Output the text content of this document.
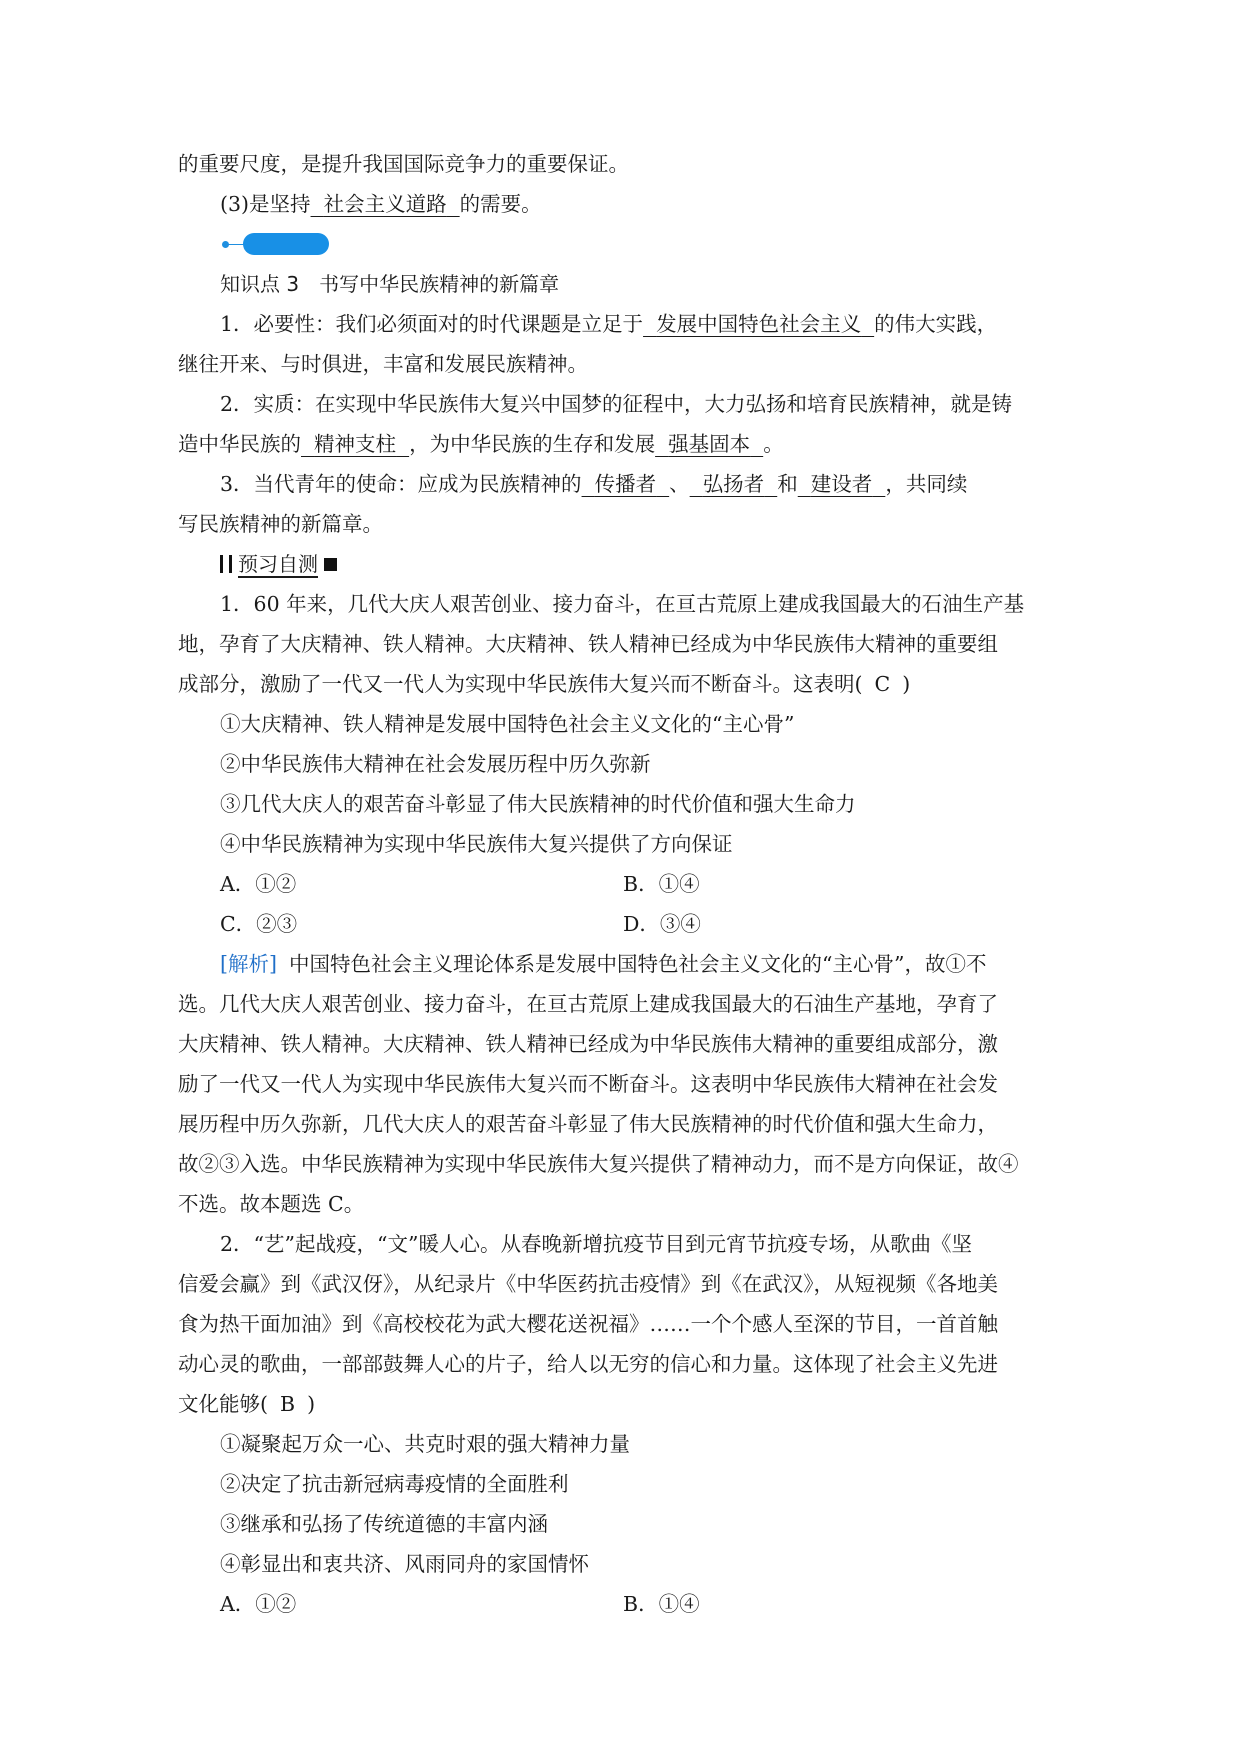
的重要尺度，是提升我国国际竞争力的重要保证。
(3)是坚持 社会主义道路 的需要。
知识点 3 书写中华民族精神的新篇章
1．必要性：我们必须面对的时代课题是立足于 发展中国特色社会主义 的伟大实践，
继往开来、与时俱进，丰富和发展民族精神。
2．实质：在实现中华民族伟大复兴中国梦的征程中，大力弘扬和培育民族精神，就是铸
造中华民族的 精神支柱 ，为中华民族的生存和发展 强基固本 。
3．当代青年的使命：应成为民族精神的 传播者 、 弘扬者 和 建设者 ，共同续
写民族精神的新篇章。
预习自测
1．60 年来，几代大庆人艰苦创业、接力奋斗，在亘古荒原上建成我国最大的石油生产基
地，孕育了大庆精神、铁人精神。大庆精神、铁人精神已经成为中华民族伟大精神的重要组
成部分，激励了一代又一代人为实现中华民族伟大复兴而不断奋斗。这表明( C )
①大庆精神、铁人精神是发展中国特色社会主义文化的“主心骨”
②中华民族伟大精神在社会发展历程中历久弥新
③几代大庆人的艰苦奋斗彰显了伟大民族精神的时代价值和强大生命力
④中华民族精神为实现中华民族伟大复兴提供了方向保证
A．①②	B．①④
C．②③	D．③④
[解析] 中国特色社会主义理论体系是发展中国特色社会主义文化的“主心骨”，故①不
选。几代大庆人艰苦创业、接力奋斗，在亘古荒原上建成我国最大的石油生产基地，孕育了
大庆精神、铁人精神。大庆精神、铁人精神已经成为中华民族伟大精神的重要组成部分，激
励了一代又一代人为实现中华民族伟大复兴而不断奋斗。这表明中华民族伟大精神在社会发
展历程中历久弥新，几代大庆人的艰苦奋斗彰显了伟大民族精神的时代价值和强大生命力，
故②③入选。中华民族精神为实现中华民族伟大复兴提供了精神动力，而不是方向保证，故④
不选。故本题选 C。
2．“艺”起战疫，“文”暖人心。从春晚新增抗疫节目到元宵节抗疫专场，从歌曲《坚
信爱会赢》到《武汉伢》，从纪录片《中华医药抗击疫情》到《在武汉》，从短视频《各地美
食为热干面加油》到《高校校花为武大樱花送祝福》……一个个感人至深的节目，一首首触
动心灵的歌曲，一部部鼓舞人心的片子，给人以无穷的信心和力量。这体现了社会主义先进
文化能够( B )
①凝聚起万众一心、共克时艰的强大精神力量
②决定了抗击新冠病毒疫情的全面胜利
③继承和弘扬了传统道德的丰富内涵
④彰显出和衷共济、风雨同舟的家国情怀
A．①②	B．①④
